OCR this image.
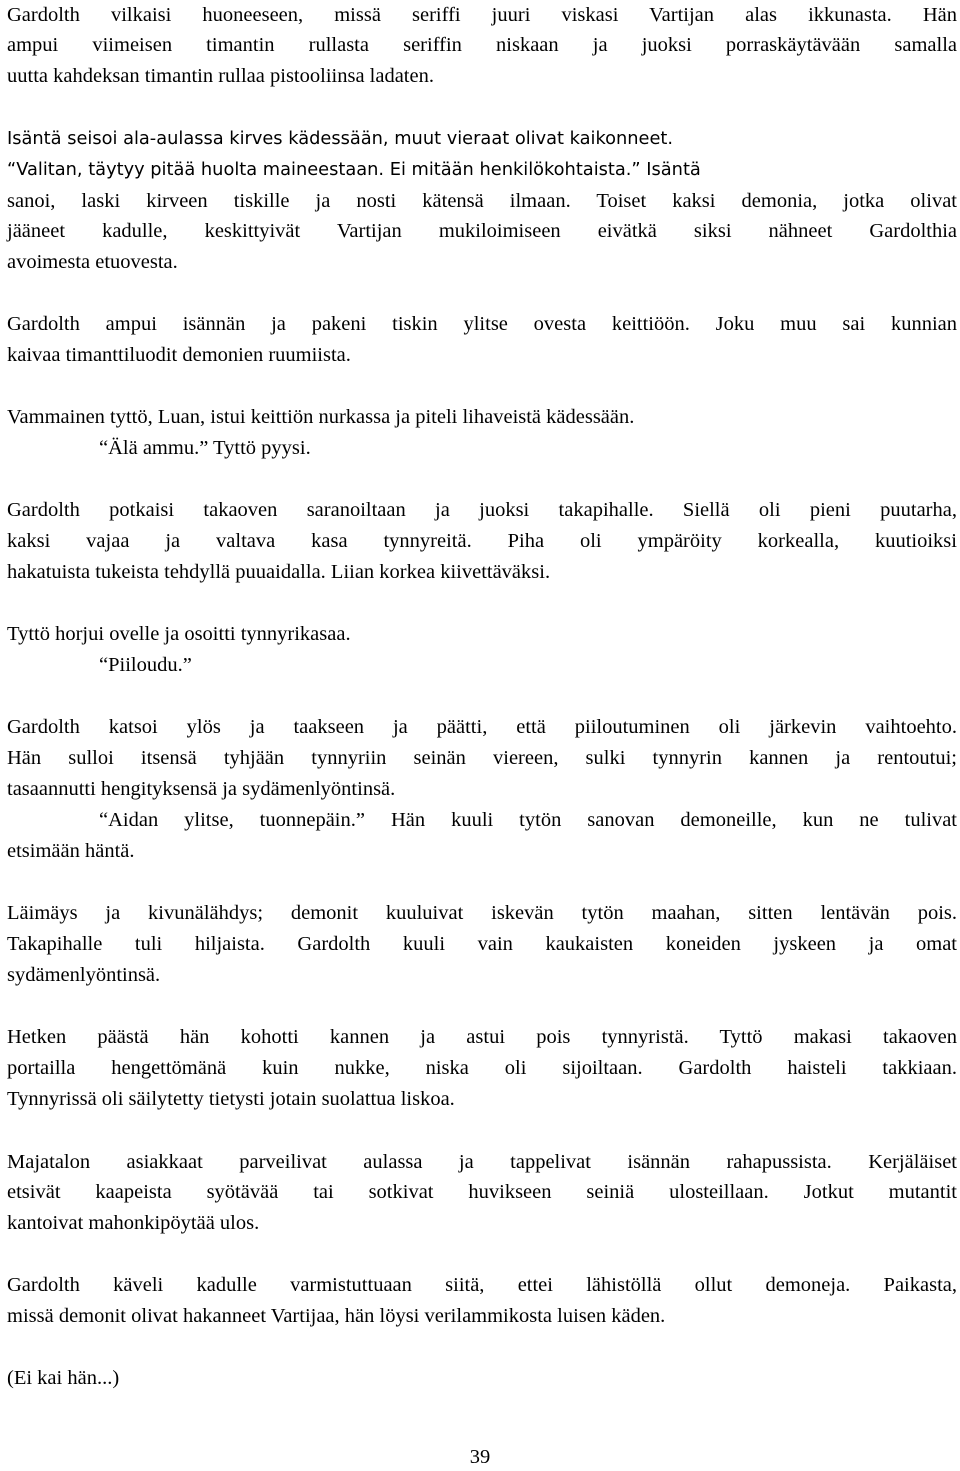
Gardolth vilkaisi huoneeseen, missä seriffi juuri viskasi Vartijan alas ikkunasta. Hän
ampui viimeisen timantin rullasta seriffin niskaan ja juoksi porraskäytävään samalla
uutta kahdeksan timantin rullaa pistooliinsa ladaten.
Isäntä seisoi ala-aulassa kirves kädessään, muut vieraat olivat kaikonneet.
“Valitan, täytyy pitää huolta maineestaan. Ei mitään henkilökohtaista.” Isäntä
sanoi, laski kirveen tiskille ja nosti kätensä ilmaan. Toiset kaksi demonia, jotka olivat
jääneet kadulle, keskittyivät Vartijan mukiloimiseen eivätkä siksi nähneet Gardolthia
avoimesta etuovesta.
Gardolth ampui isännän ja pakeni tiskin ylitse ovesta keittiöön. Joku muu sai kunnian
kaivaa timanttiluodit demonien ruumiista.
Vammainen tyttö, Luan, istui keittiön nurkassa ja piteli lihaveistä kädessään.
“Älä ammu.” Tyttö pyysi.
Gardolth potkaisi takaoven saranoiltaan ja juoksi takapihalle. Siellä oli pieni puutarha,
kaksi vajaa ja valtava kasa tynnyreitä. Piha oli ympäröity korkealla, kuutioiksi
hakatuista tukeista tehdyllä puuaidalla. Liian korkea kiivettäväksi.
Tyttö horjui ovelle ja osoitti tynnyrikasaa.
“Piiloudu.”
Gardolth katsoi ylös ja taakseen ja päätti, että piiloutuminen oli järkevin vaihtoehto.
Hän sulloi itsensä tyhjään tynnyriin seinän viereen, sulki tynnyrin kannen ja rentoutui;
tasaannutti hengityksensä ja sydämenlyöntinsä.
“Aidan ylitse, tuonnepäin.” Hän kuuli tytön sanovan demoneille, kun ne tulivat
etsimään häntä.
Läimäys ja kivunälähdys; demonit kuuluivat iskevän tytön maahan, sitten lentävän pois.
Takapihalle tuli hiljaista. Gardolth kuuli vain kaukaisten koneiden jyskeen ja omat
sydämenlyöntinsä.
Hetken päästä hän kohotti kannen ja astui pois tynnyristä. Tyttö makasi takaoven
portailla hengettömänä kuin nukke, niska oli sijoiltaan. Gardolth haisteli takkiaan.
Tynnyrissä oli säilytetty tietysti jotain suolattua liskoa.
Majatalon asiakkaat parveilivat aulassa ja tappelivat isännän rahapussista. Kerjäläiset
etsivät kaapeista syötävää tai sotkivat huvikseen seiniä ulosteillaan. Jotkut mutantit
kantoivat mahonkipöytää ulos.
Gardolth käveli kadulle varmistuttuaan siitä, ettei lähistöllä ollut demoneja. Paikasta,
missä demonit olivat hakanneet Vartijaa, hän löysi verilammikosta luisen käden.
(Ei kai hän...)
39
